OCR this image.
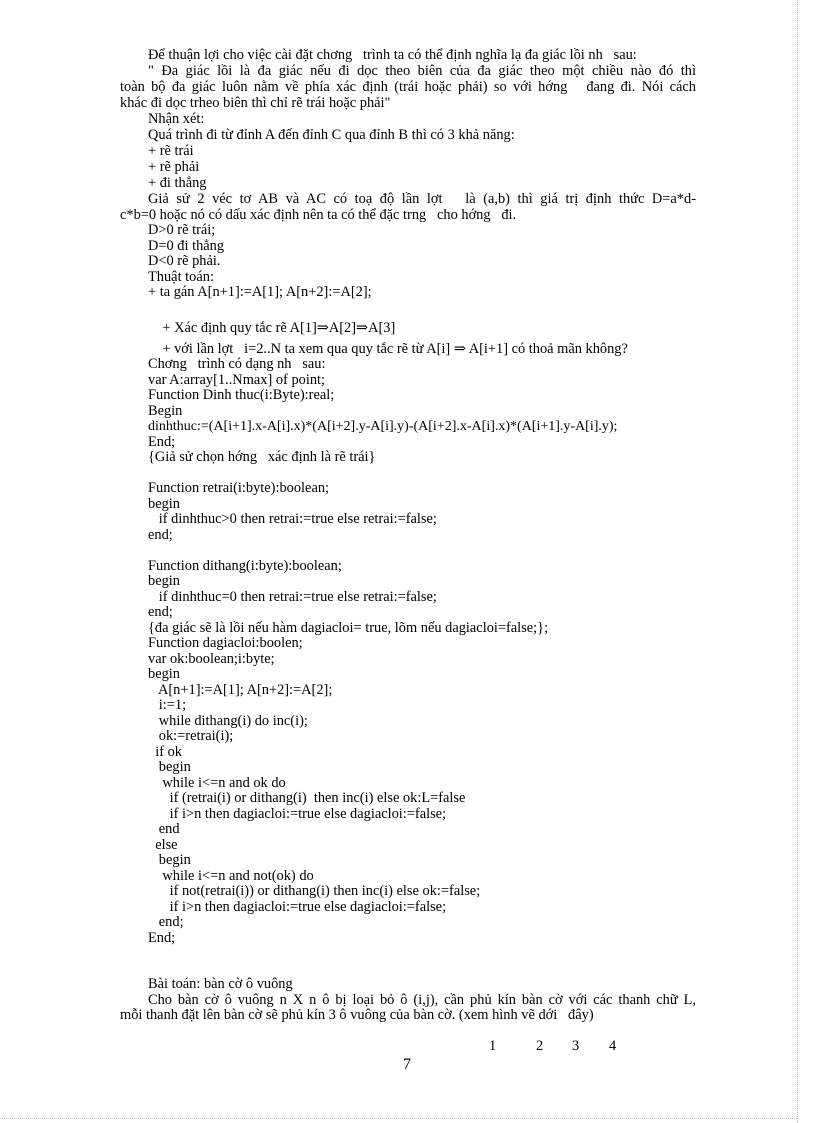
Để thuận lợi cho việc cài đặt chơng   trình ta có thể định nghĩa lạ đa giác lồi nh   sau:
" Đa giác lồi là đa giác nếu đi dọc theo biên của đa giác theo một chiều nào đó thì
toàn bộ đa giác luôn nằm về phía xác định (trái hoặc phải) so với hớng   đang đi. Nói cách
khác đi dọc trheo biên thì chỉ rẽ trái hoặc phải"
Nhận xét:
Quá trình đi từ đỉnh A đến đỉnh C qua đỉnh B thì có 3 khả năng:
+ rẽ trái
+ rẽ phải
+ đi thẳng
Giả sử 2 véc tơ AB và AC có toạ độ lần lợt   là (a,b) thì giá trị định thức D=a*d-
c*b=0 hoặc nó có dấu xác định nên ta có thể đặc trng   cho hớng   đi.
D>0 rẽ trái;
D=0 đi thẳng
D<0 rẽ phải.
Thuật toán:
+ ta gán A[n+1]:=A[1]; A[n+2]:=A[2];

+ Xác định quy tắc rẽ A[1]⇒A[2]⇒A[3]

+ với lần lợt   i=2..N ta xem qua quy tắc rẽ từ A[i] ⇒ A[i+1] có thoả mãn không?

Chơng   trình có dạng nh   sau:
var A:array[1..Nmax] of point;
Function Dinh thuc(i:Byte):real;
Begin
dinhthuc:=(A[i+1].x-A[i].x)*(A[i+2].y-A[i].y)-(A[i+2].x-A[i].x)*(A[i+1].y-A[i].y);
End;
{Giả sử chọn hớng   xác định là rẽ trái}
Function retrai(i:byte):boolean;
begin
if dinhthuc>0 then retrai:=true else retrai:=false;
end;
Function dithang(i:byte):boolean;
begin
if dinhthuc=0 then retrai:=true else retrai:=false;
end;
{đa giác sẽ là lồi nếu hàm dagiacloi= true, lõm nếu dagiacloi=false;};
Function dagiacloi:boolen;
var ok:boolean;i:byte;
begin
A[n+1]:=A[1]; A[n+2]:=A[2];
i:=1;
while dithang(i) do inc(i);
ok:=retrai(i);
if ok
begin
while i<=n and ok do
if (retrai(i) or dithang(i)  then inc(i) else ok:L=false
if i>n then dagiacloi:=true else dagiacloi:=false;
end
else
begin
while i<=n and not(ok) do
if not(retrai(i)) or dithang(i) then inc(i) else ok:=false;
if i>n then dagiacloi:=true else dagiacloi:=false;
end;
End;
Bài toán: bàn cờ ô vuông
Cho bàn cờ ô vuông n X n ô bị loại bỏ ô (i,j), cần phủ kín bàn cờ với các thanh chữ L,
mỗi thanh đặt lên bàn cờ sẽ phủ kín 3 ô vuông của bàn cờ. (xem hình vẽ dới   đây)
1	2 3 4
7
